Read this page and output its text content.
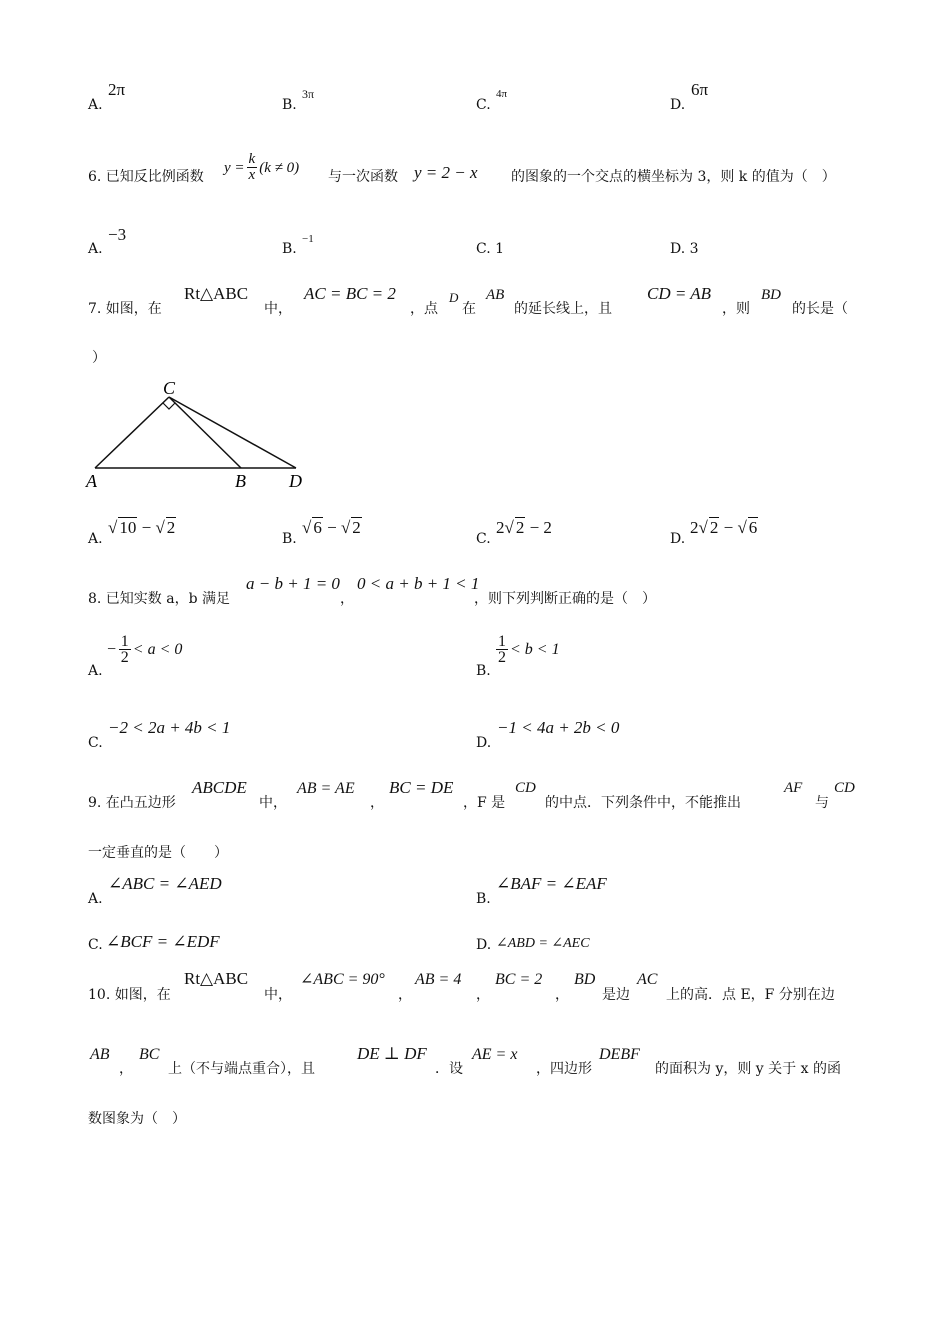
A.
2π
B.
3π
C.
4π
D.
6π
6. 已知反比例函数
$y = \frac{k}{x} (k \ne 0)$
与一次函数 y = 2 − x 的图象的一个交点的横坐标为 3，则 k 的值为（　）
A.
−3
B.
−1
C. 1	D. 3
7. 如图，在
Rt△ABC
中，
AC = BC = 2
，点
D
在
AB
的延长线上，且
CD = AB
，则
BD
的长是（
）
C
A	B D
A.
√ 10 − √ 2
B.
√ 6 − √ 2
C.
2√ 2 − 2
D.
2√ 2 − √ 6
8. 已知实数 a，b 满足
a − b + 1 = 0
，
0 < a + b + 1 < 1
，则下列判断正确的是（　）
A.
− $\frac{1}{2} < a < 0$
B.
$\frac{1}{2} < b < 1$
C.
−2 < 2a + 4b < 1
D.
−1 < 4a + 2b < 0
9. 在凸五边形
ABCDE
中，
AB = AE
，
BC = DE
，F 是
CD
的中点．下列条件中，不能推出
AF
与
CD
一定垂直的是（　　）
A.
∠ABC = ∠AED
B.
∠BAF = ∠EAF
C. ∠BCF = ∠EDF	D. ∠ABD = ∠AEC
10. 如图，在
Rt△ABC
中，
∠ABC = 90°
，
AB = 4
，
BC = 2
，
BD
是边
AC
上的高．点 E，F 分别在边
AB
，
BC
上（不与端点重合），且
DE ⊥ DF
．设
AE = x
，四边形
DEBF
的面积为 y，则 y 关于 x 的函
数图象为（　）
